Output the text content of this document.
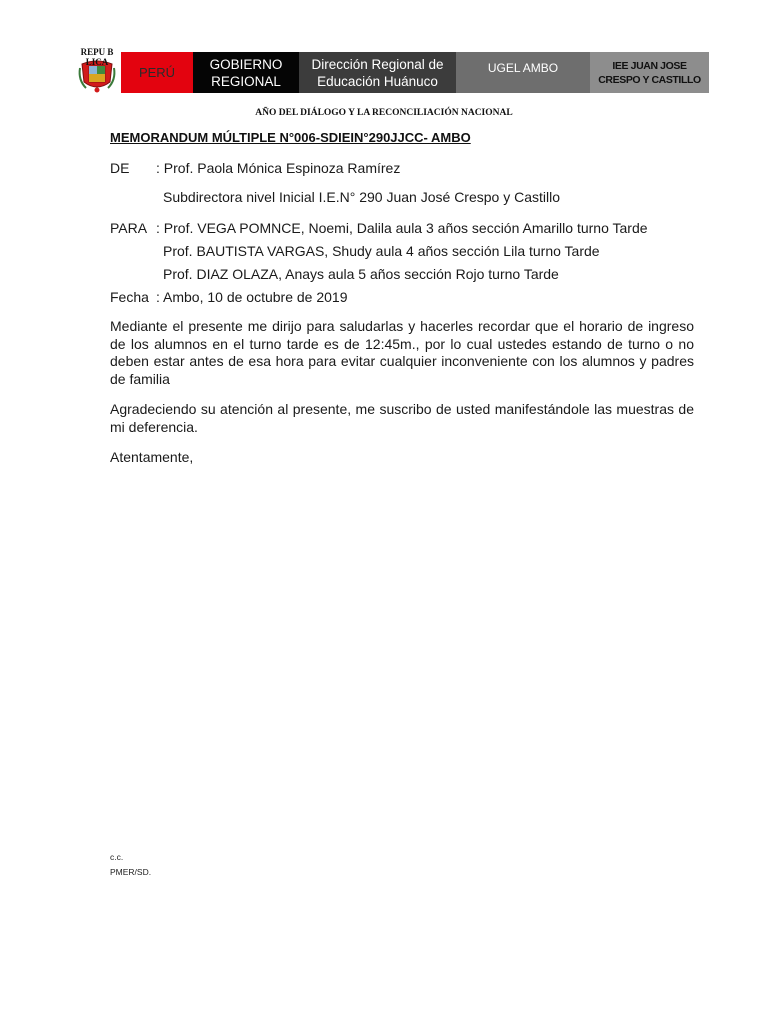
REPU BLICA
PERÚ
GOBIERNO
REGIONAL
Dirección Regional de
Educación Huánuco
UGEL AMBO	IEE JUAN JOSE
CRESPO Y CASTILLO
AÑO DEL DIÁLOGO Y LA RECONCILIACIÓN NACIONAL
MEMORANDUM MÚLTIPLE N°006-SDIEIN°290JJCC- AMBO
DE : Prof. Paola Mónica Espinoza Ramírez
Subdirectora nivel Inicial I.E.N° 290 Juan José Crespo y Castillo
PARA : Prof. VEGA POMNCE, Noemi, Dalila aula 3 años sección Amarillo turno Tarde
Prof. BAUTISTA VARGAS, Shudy aula 4 años sección Lila turno Tarde
Prof. DIAZ OLAZA, Anays aula 5 años sección Rojo turno Tarde
Fecha : Ambo, 10 de octubre de 2019
Mediante el presente me dirijo para saludarlas y hacerles recordar que el horario de ingreso de los alumnos en el turno tarde es de 12:45m., por lo cual ustedes estando de turno o no deben estar antes de esa hora para evitar cualquier inconveniente con los alumnos y padres de familia
Agradeciendo su atención al presente, me suscribo de usted manifestándole las muestras de mi deferencia.
Atentamente,
c.c.
PMER/SD.
